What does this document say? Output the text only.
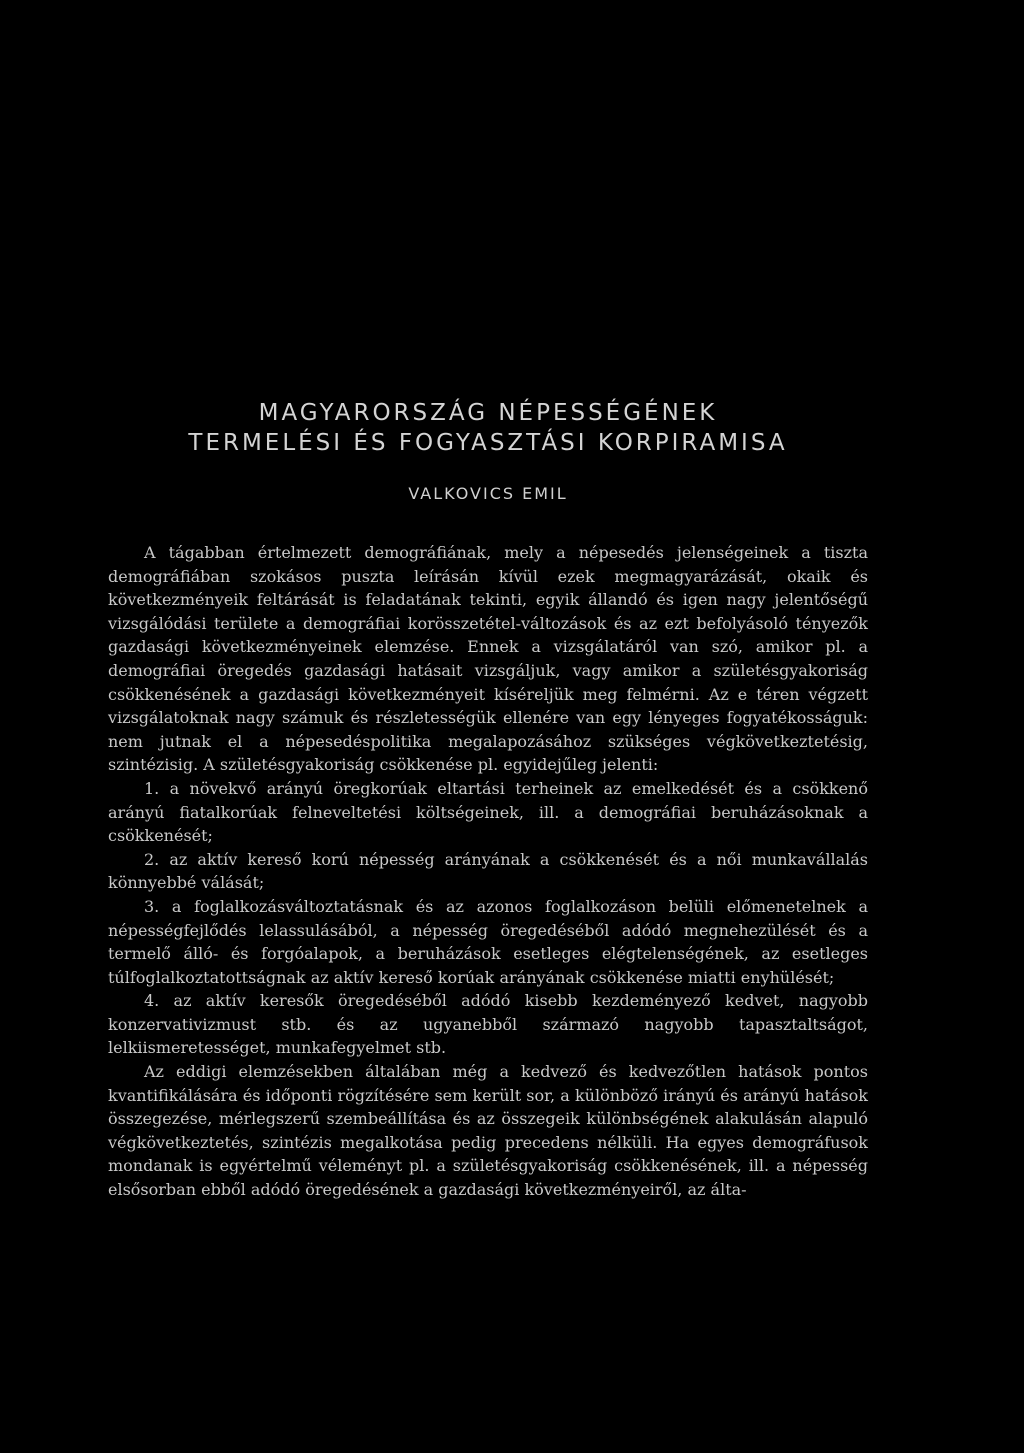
MAGYARORSZÁG NÉPESSÉGÉNEK
TERMELÉSI ÉS FOGYASZTÁSI KORPIRAMISA
VALKOVICS EMIL

A tágabban értelmezett demográfiának, mely a népesedés jelenségeinek a tiszta demográfiában szokásos puszta leírásán kívül ezek megmagyarázását, okaik és következményeik feltárását is feladatának tekinti, egyik állandó és igen nagy jelentőségű vizsgálódási területe a demográfiai korösszetétel-változások és az ezt befolyásoló tényezők gazdasági következményeinek elemzése. Ennek a vizsgálatáról van szó, amikor pl. a demográfiai öregedés gazdasági hatásait vizsgáljuk, vagy amikor a születésgyakoriság csökkenésének a gazdasági következményeit kíséreljük meg felmérni. Az e téren végzett vizsgálatoknak nagy számuk és részletességük ellenére van egy lényeges fogyatékosságuk: nem jutnak el a népesedéspolitika megalapozásához szükséges végkövetkeztetésig, szintézisig. A születésgyakoriság csökkenése pl. egyidejűleg jelenti:

1. a növekvő arányú öregkorúak eltartási terheinek az emelkedését és a csökkenő arányú fiatalkorúak felneveltetési költségeinek, ill. a demográfiai beruházásoknak a csökkenését;

2. az aktív kereső korú népesség arányának a csökkenését és a női munkavállalás könnyebbé válását;

3. a foglalkozásváltoztatásnak és az azonos foglalkozáson belüli előmenetelnek a népességfejlődés lelassulásából, a népesség öregedéséből adódó megnehezülését és a termelő álló- és forgóalapok, a beruházások esetleges elégtelenségének, az esetleges túlfoglalkoztatottságnak az aktív kereső korúak arányának csökkenése miatti enyhülését;

4. az aktív keresők öregedéséből adódó kisebb kezdeményező kedvet, nagyobb konzervativizmust stb. és az ugyanebből származó nagyobb tapasztaltságot, lelkiismeretességet, munkafegyelmet stb.

Az eddigi elemzésekben általában még a kedvező és kedvezőtlen hatások pontos kvantifikálására és időponti rögzítésére sem került sor, a különböző irányú és arányú hatások összegezése, mérlegszerű szembeállítása és az összegeik különbségének alakulásán alapuló végkövetkeztetés, szintézis megalkotása pedig precedens nélküli. Ha egyes demográfusok mondanak is egyértelmű véleményt pl. a születésgyakoriság csökkenésének, ill. a népesség elsősorban ebből adódó öregedésének a gazdasági következményeiről, az álta-
